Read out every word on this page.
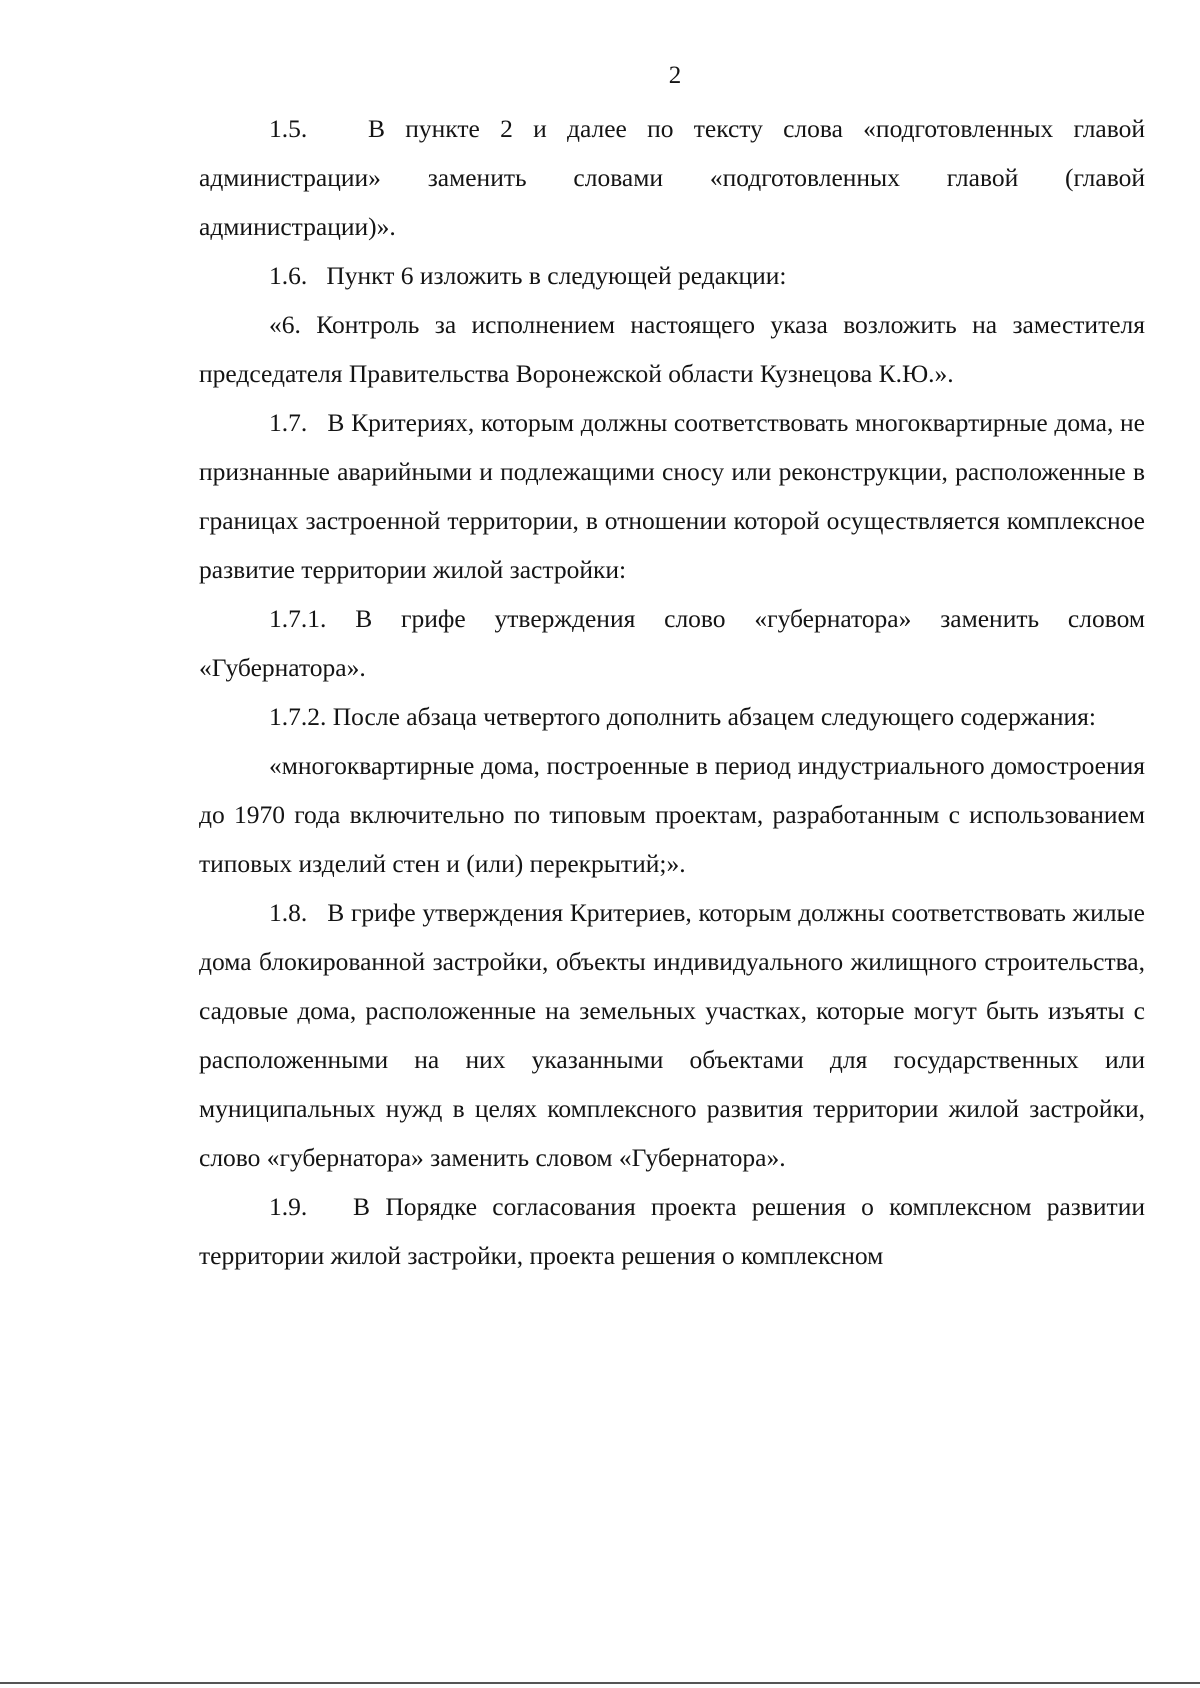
2

1.5.   В пункте 2 и далее по тексту слова «подготовленных главой администрации» заменить словами «подготовленных главой (главой администрации)».

1.6.   Пункт 6 изложить в следующей редакции:

«6. Контроль за исполнением настоящего указа возложить на заместителя председателя Правительства Воронежской области Кузнецова К.Ю.».

1.7.   В Критериях, которым должны соответствовать многоквартирные дома, не признанные аварийными и подлежащими сносу или реконструкции, расположенные в границах застроенной территории, в отношении которой осуществляется комплексное развитие территории жилой застройки:

1.7.1. В грифе утверждения слово «губернатора» заменить словом «Губернатора».

1.7.2. После абзаца четвертого дополнить абзацем следующего содержания:

«многоквартирные дома, построенные в период индустриального домостроения до 1970 года включительно по типовым проектам, разработанным с использованием типовых изделий стен и (или) перекрытий;».

1.8.   В грифе утверждения Критериев, которым должны соответствовать жилые дома блокированной застройки, объекты индивидуального жилищного строительства, садовые дома, расположенные на земельных участках, которые могут быть изъяты с расположенными на них указанными объектами для государственных или муниципальных нужд в целях комплексного развития территории жилой застройки, слово «губернатора» заменить словом «Губернатора».

1.9.   В Порядке согласования проекта решения о комплексном развитии территории жилой застройки, проекта решения о комплексном
